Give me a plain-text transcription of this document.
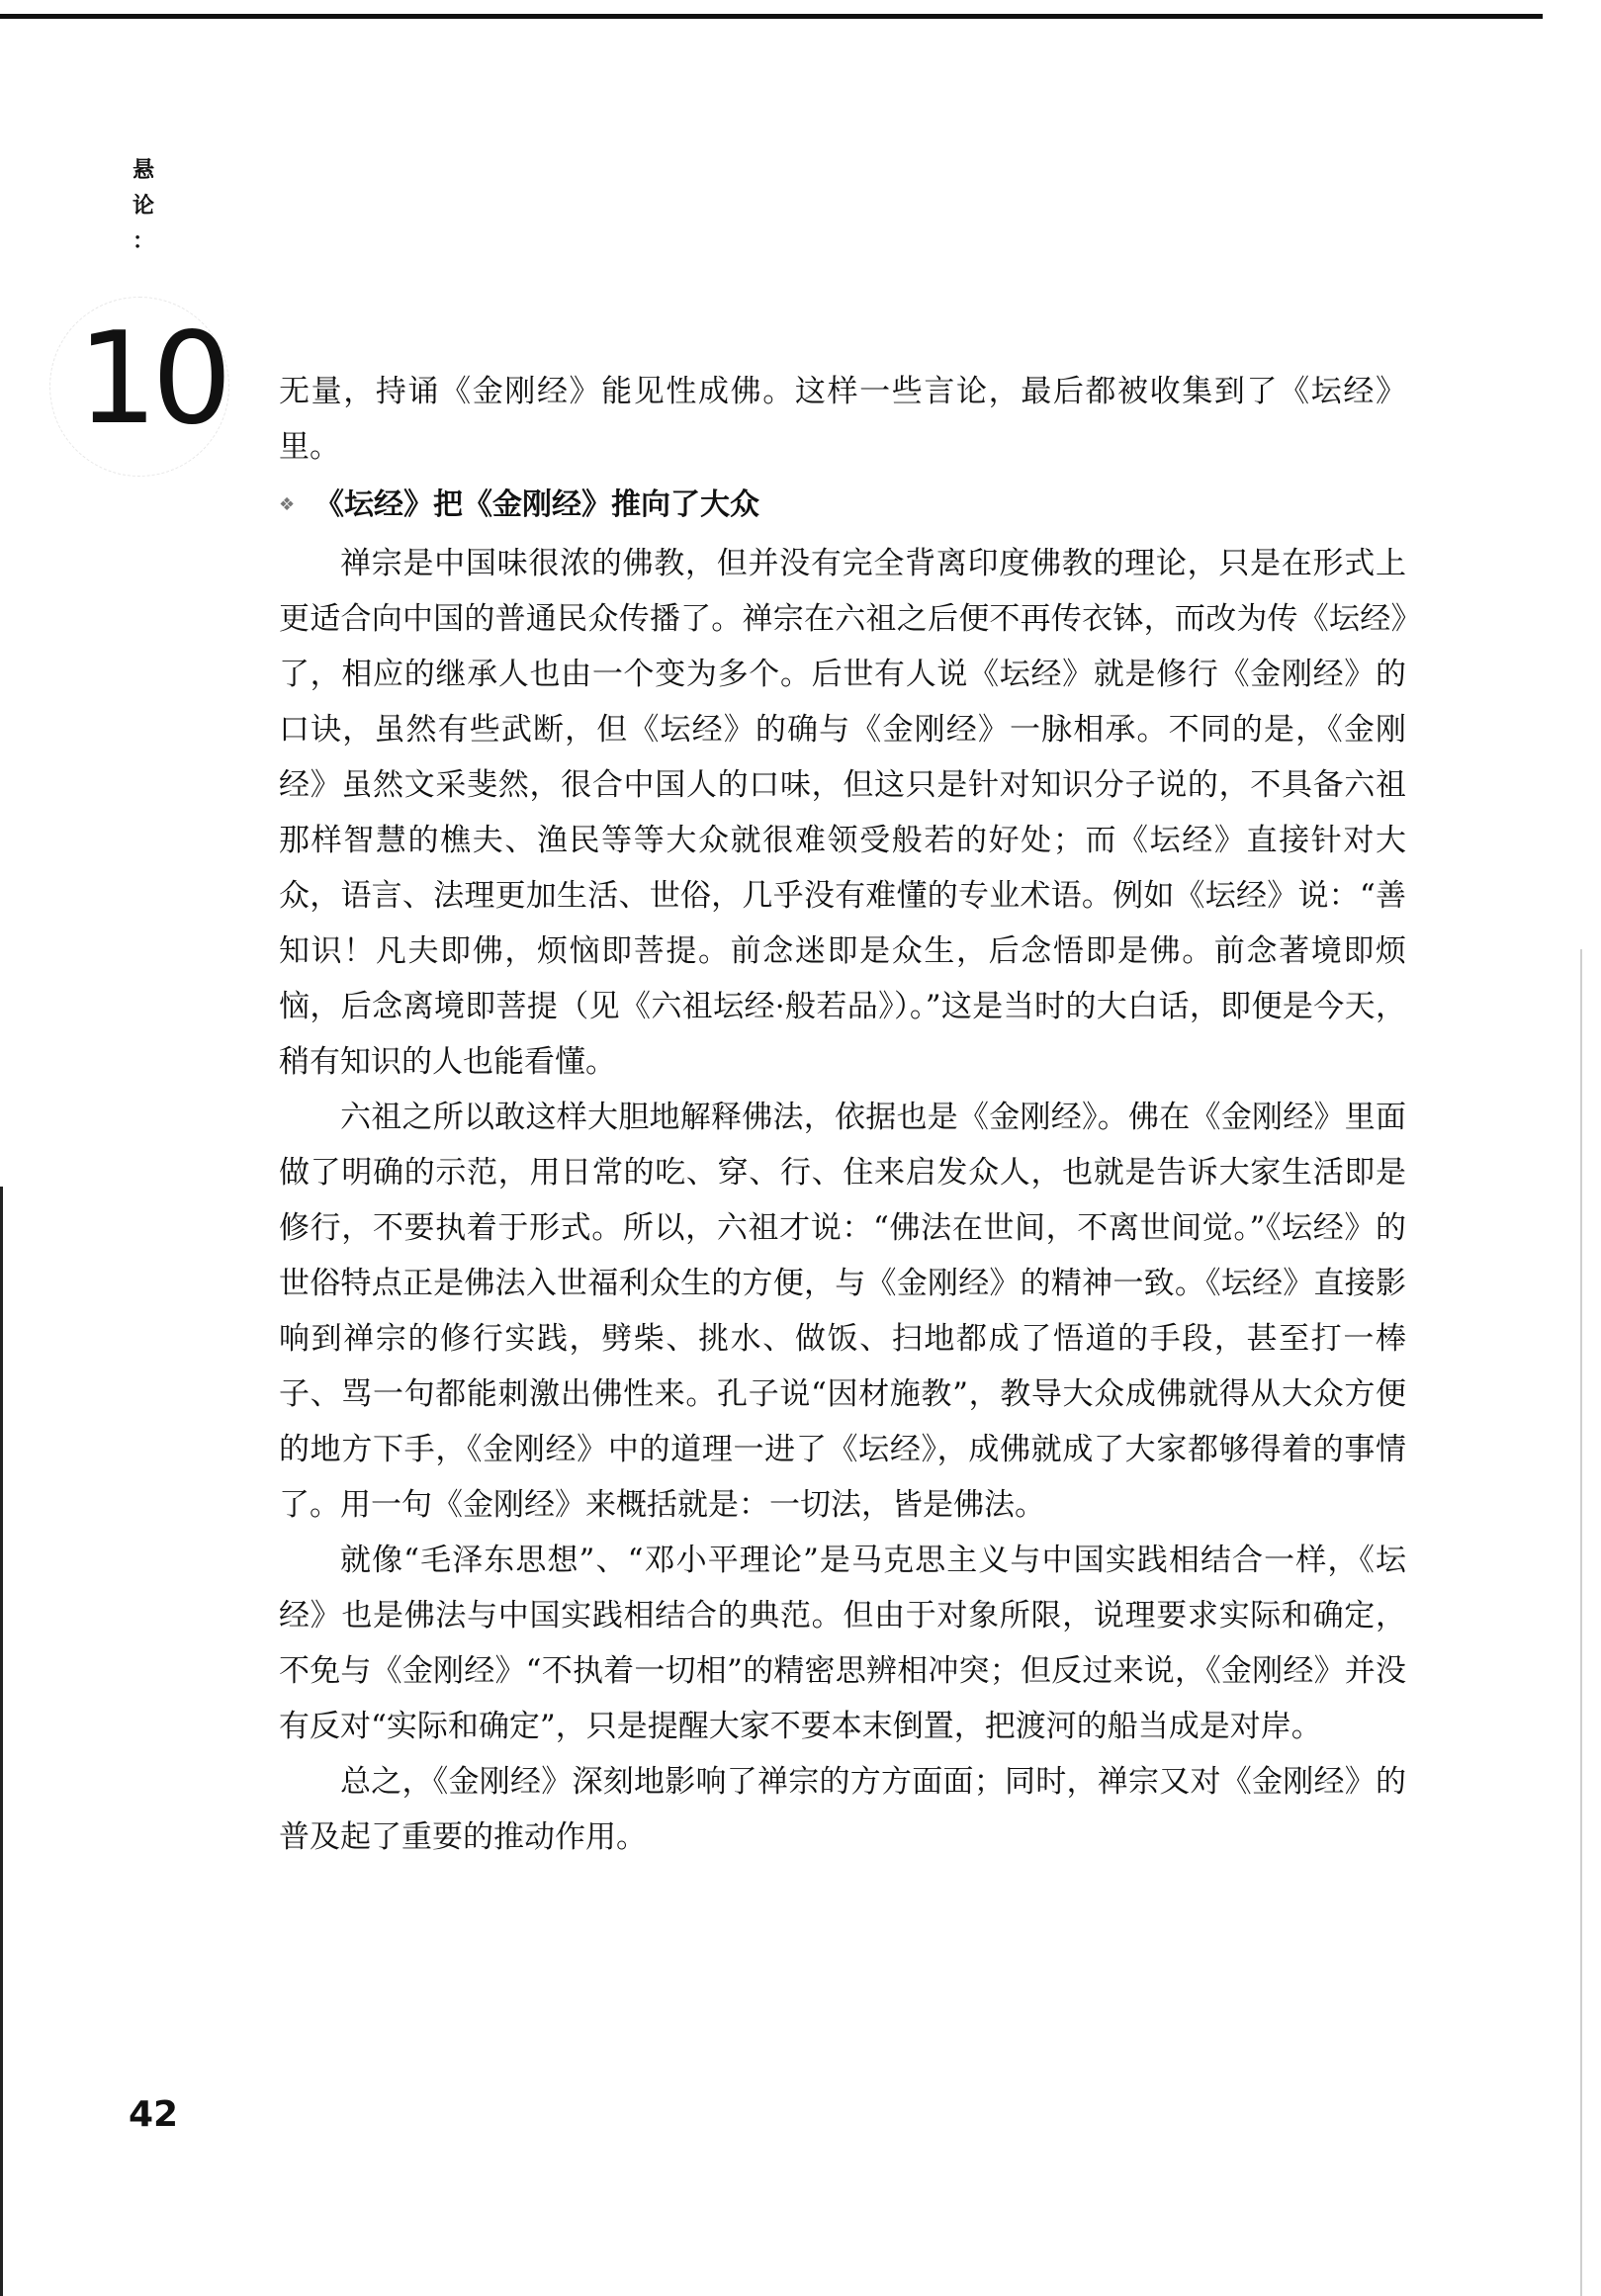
悬
论
：
10 无量，持诵《金刚经》能见性成佛。这样一些言论，最后都被收集到了《坛经》里。

❖ 《坛经》把《金刚经》推向了大众

禅宗是中国味很浓的佛教，但并没有完全背离印度佛教的理论，只是在形式上更适合向中国的普通民众传播了。禅宗在六祖之后便不再传衣钵，而改为传《坛经》了，相应的继承人也由一个变为多个。后世有人说《坛经》就是修行《金刚经》的口诀，虽然有些武断，但《坛经》的确与《金刚经》一脉相承。不同的是，《金刚经》虽然文采斐然，很合中国人的口味，但这只是针对知识分子说的，不具备六祖那样智慧的樵夫、渔民等等大众就很难领受般若的好处；而《坛经》直接针对大众，语言、法理更加生活、世俗，几乎没有难懂的专业术语。例如《坛经》说：“善知识！凡夫即佛，烦恼即菩提。前念迷即是众生，后念悟即是佛。前念著境即烦恼，后念离境即菩提（见《六祖坛经·般若品》）。”这是当时的大白话，即便是今天，稍有知识的人也能看懂。

六祖之所以敢这样大胆地解释佛法，依据也是《金刚经》。佛在《金刚经》里面做了明确的示范，用日常的吃、穿、行、住来启发众人，也就是告诉大家生活即是修行，不要执着于形式。所以，六祖才说：“佛法在世间，不离世间觉。”《坛经》的世俗特点正是佛法入世福利众生的方便，与《金刚经》的精神一致。《坛经》直接影响到禅宗的修行实践，劈柴、挑水、做饭、扫地都成了悟道的手段，甚至打一棒子、骂一句都能刺激出佛性来。孔子说“因材施教”，教导大众成佛就得从大众方便的地方下手，《金刚经》中的道理一进了《坛经》，成佛就成了大家都够得着的事情了。用一句《金刚经》来概括就是：一切法，皆是佛法。

就像“毛泽东思想”、“邓小平理论”是马克思主义与中国实践相结合一样，《坛经》也是佛法与中国实践相结合的典范。但由于对象所限，说理要求实际和确定，不免与《金刚经》“不执着一切相”的精密思辨相冲突；但反过来说，《金刚经》并没有反对“实际和确定”，只是提醒大家不要本末倒置，把渡河的船当成是对岸。

总之，《金刚经》深刻地影响了禅宗的方方面面；同时，禅宗又对《金刚经》的普及起了重要的推动作用。

42
